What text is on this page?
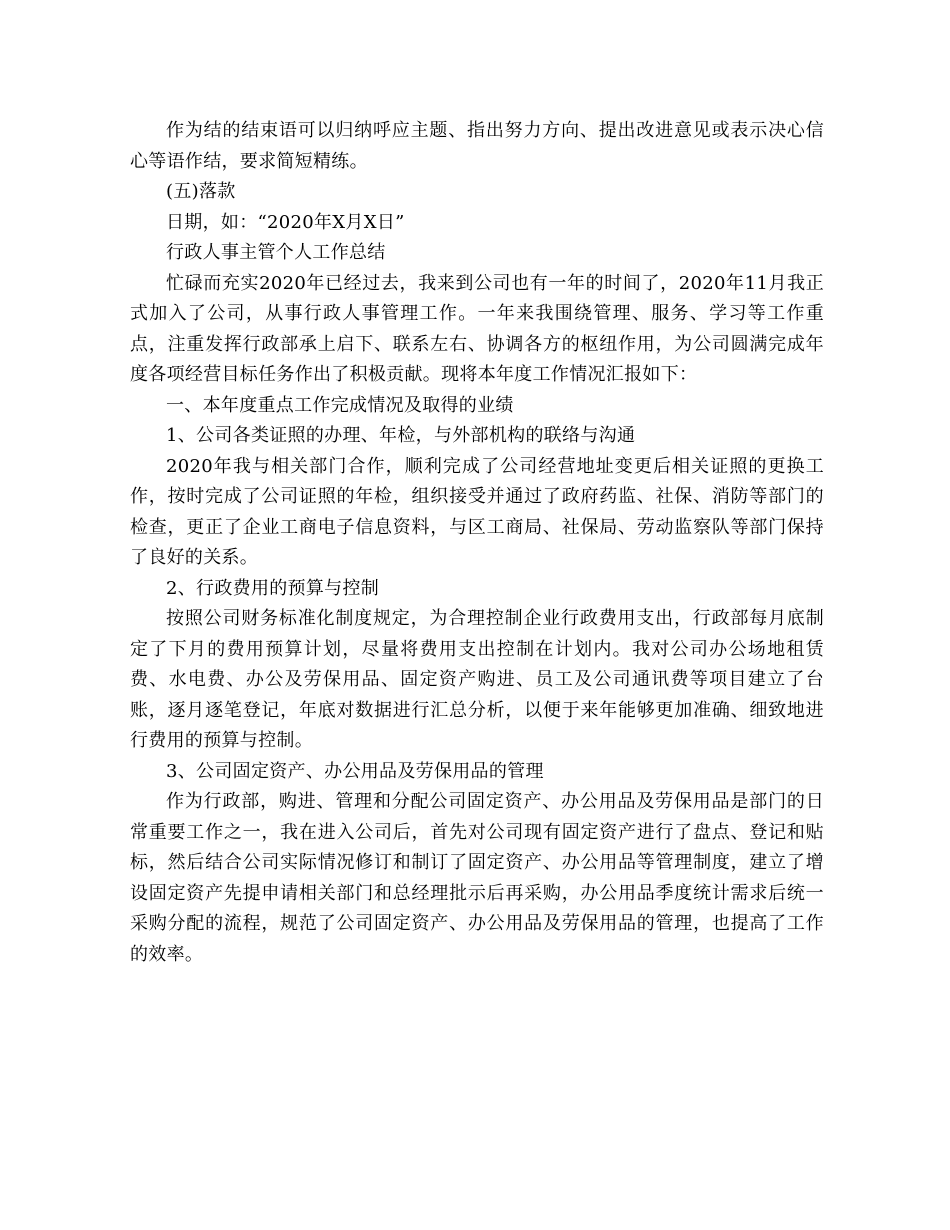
作为结的结束语可以归纳呼应主题、指出努力方向、提出改进意见或表示决心信心等语作结，要求简短精练。

(五)落款

日期，如：“2020年X月X日”

行政人事主管个人工作总结

忙碌而充实2020年已经过去，我来到公司也有一年的时间了，2020年11月我正式加入了公司，从事行政人事管理工作。一年来我围绕管理、服务、学习等工作重点，注重发挥行政部承上启下、联系左右、协调各方的枢纽作用，为公司圆满完成年度各项经营目标任务作出了积极贡献。现将本年度工作情况汇报如下：

一、本年度重点工作完成情况及取得的业绩

1、公司各类证照的办理、年检，与外部机构的联络与沟通

2020年我与相关部门合作，顺利完成了公司经营地址变更后相关证照的更换工作，按时完成了公司证照的年检，组织接受并通过了政府药监、社保、消防等部门的检查，更正了企业工商电子信息资料，与区工商局、社保局、劳动监察队等部门保持了良好的关系。

2、行政费用的预算与控制

按照公司财务标准化制度规定，为合理控制企业行政费用支出，行政部每月底制定了下月的费用预算计划，尽量将费用支出控制在计划内。我对公司办公场地租赁费、水电费、办公及劳保用品、固定资产购进、员工及公司通讯费等项目建立了台账，逐月逐笔登记，年底对数据进行汇总分析，以便于来年能够更加准确、细致地进行费用的预算与控制。

3、公司固定资产、办公用品及劳保用品的管理

作为行政部，购进、管理和分配公司固定资产、办公用品及劳保用品是部门的日常重要工作之一，我在进入公司后，首先对公司现有固定资产进行了盘点、登记和贴标，然后结合公司实际情况修订和制订了固定资产、办公用品等管理制度，建立了增设固定资产先提申请相关部门和总经理批示后再采购，办公用品季度统计需求后统一采购分配的流程，规范了公司固定资产、办公用品及劳保用品的管理，也提高了工作的效率。
